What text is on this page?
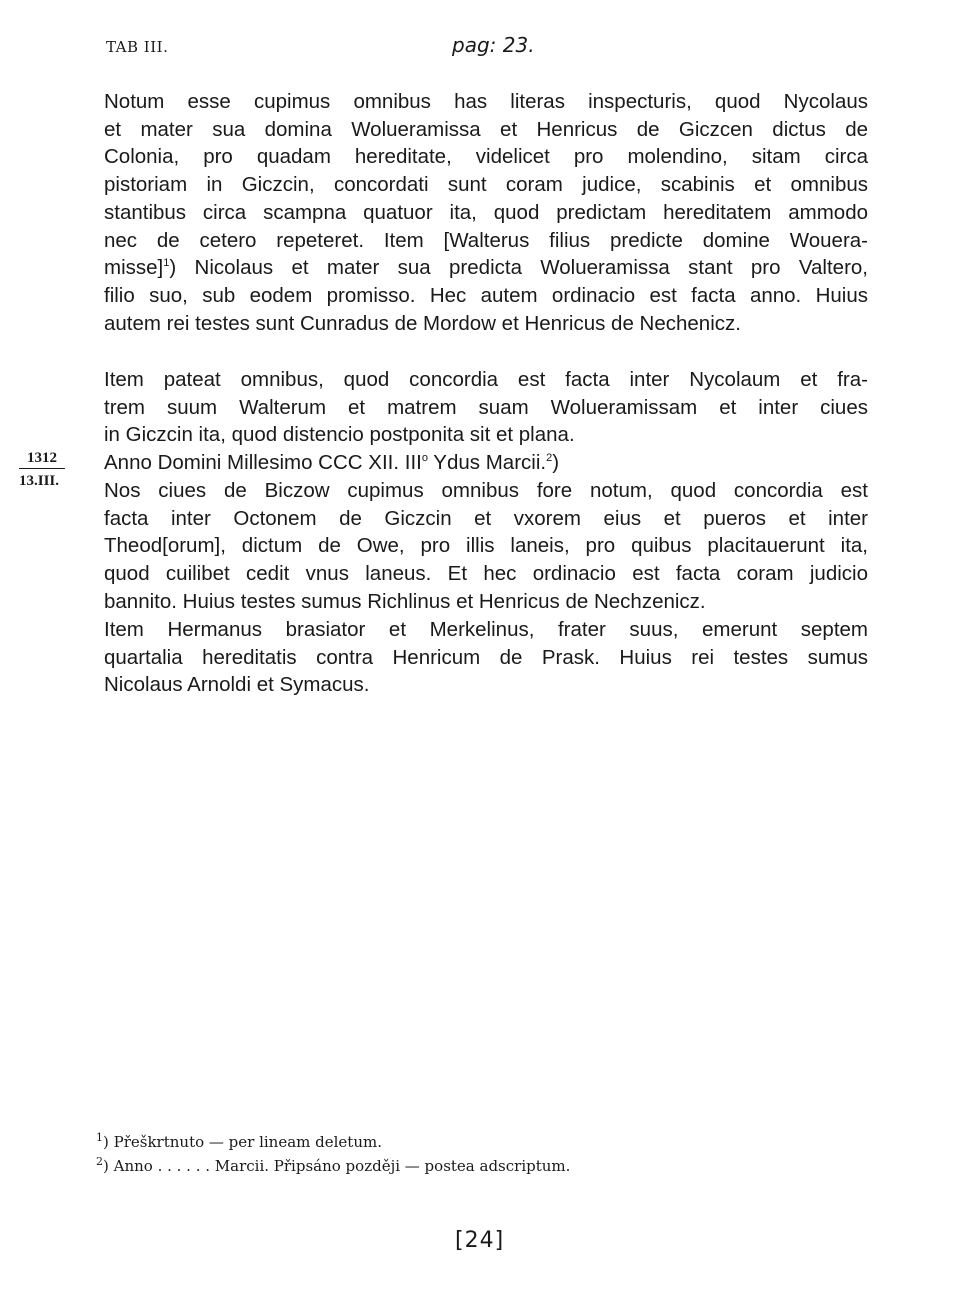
TAB III.	pag: 23.
Notum esse cupimus omnibus has literas inspecturis, quod Nycolaus
et mater sua domina Wolueramissa et Henricus de Giczcen dictus de
Colonia, pro quadam hereditate, videlicet pro molendino, sitam circa
pistoriam in Giczcin, concordati sunt coram judice, scabinis et omnibus
stantibus circa scampna quatuor ita, quod predictam hereditatem ammodo
nec de cetero repeteret. Item [Walterus filius predicte domine Wouera-
misse]$^1$) Nicolaus et mater sua predicta Wolueramissa stant pro Valtero,
filio suo, sub eodem promisso. Hec autem ordinacio est facta anno. Huius
autem rei testes sunt Cunradus de Mordow et Henricus de Nechenicz.
Item pateat omnibus, quod concordia est facta inter Nycolaum et fra-
trem suum Walterum et matrem suam Wolueramissam et inter ciues
in Giczcin ita, quod distencio postponita sit et plana.
Anno Domini Millesimo CCC XII. III$^o$ Ydus Marcii.$^2$)
1312
13.III. Nos ciues de Biczow cupimus omnibus fore notum, quod concordia est
facta inter Octonem de Giczcin et vxorem eius et pueros et inter
Theod[orum], dictum de Owe, pro illis laneis, pro quibus placitauerunt ita,
quod cuilibet cedit vnus laneus. Et hec ordinacio est facta coram judicio
bannito. Huius testes sumus Richlinus et Henricus de Nechzenicz.
Item Hermanus brasiator et Merkelinus, frater suus, emerunt septem
quartalia hereditatis contra Henricum de Prask. Huius rei testes sumus
Nicolaus Arnoldi et Symacus.
$^1$) Přeškrtnuto — per lineam deletum.
$^2$) Anno . . . . . . Marcii. Připsáno později — postea adscriptum.
[24]
